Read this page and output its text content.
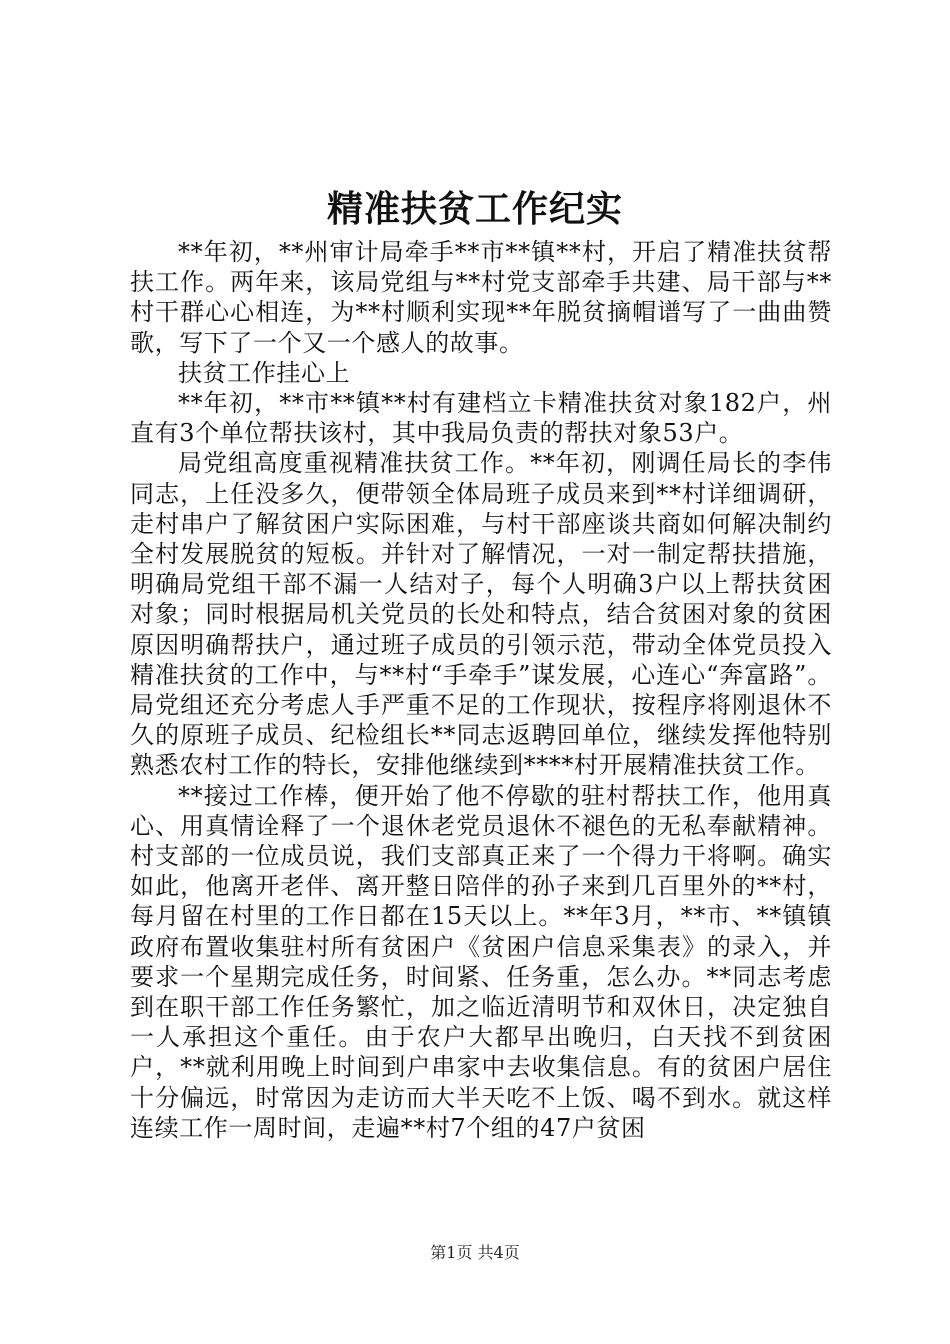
精准扶贫工作纪实

**年初，**州审计局牵手**市**镇**村，开启了精准扶贫帮扶工作。两年来，该局党组与**村党支部牵手共建、局干部与**村干群心心相连，为**村顺利实现**年脱贫摘帽谱写了一曲曲赞歌，写下了一个又一个感人的故事。

扶贫工作挂心上

**年初，**市**镇**村有建档立卡精准扶贫对象182户，州直有3个单位帮扶该村，其中我局负责的帮扶对象53户。

局党组高度重视精准扶贫工作。**年初，刚调任局长的李伟同志，上任没多久，便带领全体局班子成员来到**村详细调研，走村串户了解贫困户实际困难，与村干部座谈共商如何解决制约全村发展脱贫的短板。并针对了解情况，一对一制定帮扶措施，明确局党组干部不漏一人结对子，每个人明确3户以上帮扶贫困对象；同时根据局机关党员的长处和特点，结合贫困对象的贫困原因明确帮扶户，通过班子成员的引领示范，带动全体党员投入精准扶贫的工作中，与**村“手牵手”谋发展，心连心“奔富路”。局党组还充分考虑人手严重不足的工作现状，按程序将刚退休不久的原班子成员、纪检组长**同志返聘回单位，继续发挥他特别熟悉农村工作的特长，安排他继续到****村开展精准扶贫工作。

**接过工作棒，便开始了他不停歇的驻村帮扶工作，他用真心、用真情诠释了一个退休老党员退休不褪色的无私奉献精神。村支部的一位成员说，我们支部真正来了一个得力干将啊。确实如此，他离开老伴、离开整日陪伴的孙子来到几百里外的**村，每月留在村里的工作日都在15天以上。**年3月，**市、**镇镇政府布置收集驻村所有贫困户《贫困户信息采集表》的录入，并要求一个星期完成任务，时间紧、任务重，怎么办。**同志考虑到在职干部工作任务繁忙，加之临近清明节和双休日，决定独自一人承担这个重任。由于农户大都早出晚归，白天找不到贫困户，**就利用晚上时间到户串家中去收集信息。有的贫困户居住十分偏远，时常因为走访而大半天吃不上饭、喝不到水。就这样连续工作一周时间，走遍**村7个组的47户贫困

第1页 共4页
